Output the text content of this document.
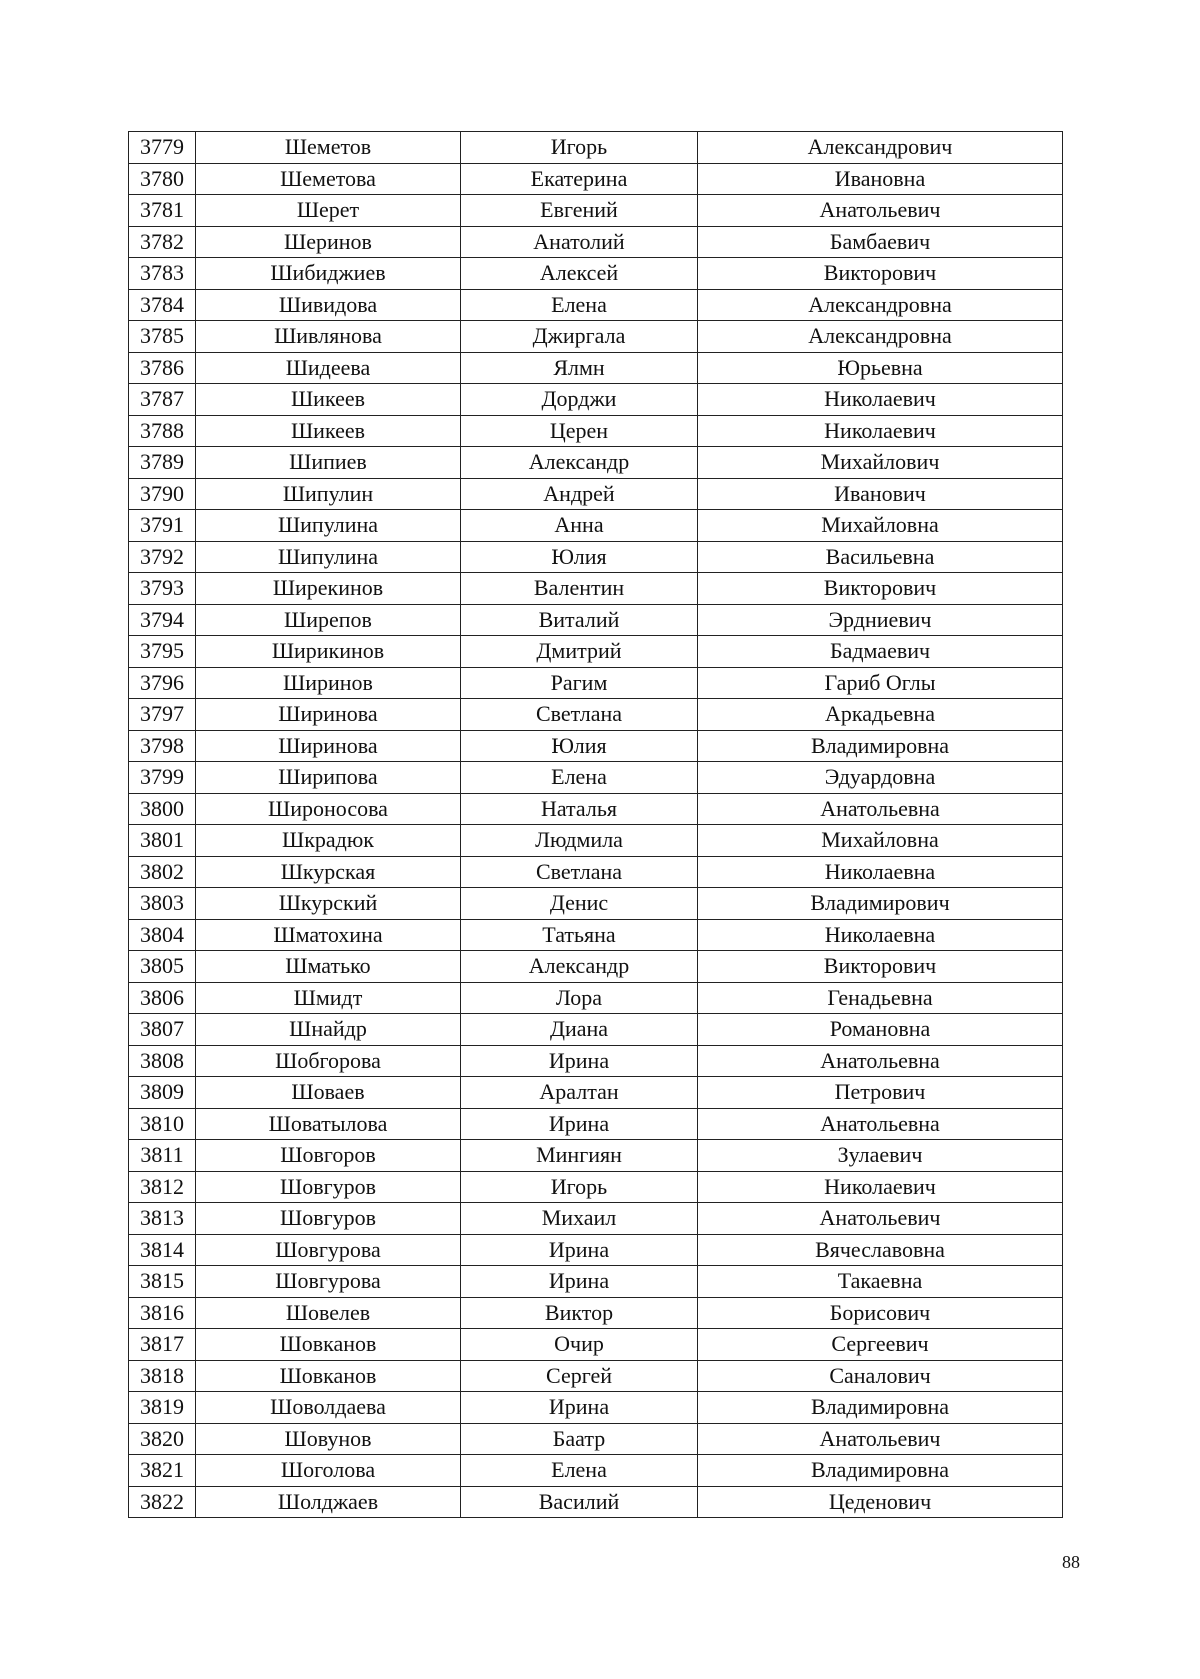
3779	Шеметов	Игорь	Александрович
3780	Шеметова	Екатерина	Ивановна
3781	Шерет	Евгений	Анатольевич
3782	Шеринов	Анатолий	Бамбаевич
3783	Шибиджиев	Алексей	Викторович
3784	Шивидова	Елена	Александровна
3785	Шивлянова	Джиргала	Александровна
3786	Шидеева	Ялмн	Юрьевна
3787	Шикеев	Дорджи	Николаевич
3788	Шикеев	Церен	Николаевич
3789	Шипиев	Александр	Михайлович
3790	Шипулин	Андрей	Иванович
3791	Шипулина	Анна	Михайловна
3792	Шипулина	Юлия	Васильевна
3793	Ширекинов	Валентин	Викторович
3794	Ширепов	Виталий	Эрдниевич
3795	Ширикинов	Дмитрий	Бадмаевич
3796	Ширинов	Рагим	Гариб Оглы
3797	Ширинова	Светлана	Аркадьевна
3798	Ширинова	Юлия	Владимировна
3799	Ширипова	Елена	Эдуардовна
3800	Широносова	Наталья	Анатольевна
3801	Шкрадюк	Людмила	Михайловна
3802	Шкурская	Светлана	Николаевна
3803	Шкурский	Денис	Владимирович
3804	Шматохина	Татьяна	Николаевна
3805	Шматько	Александр	Викторович
3806	Шмидт	Лора	Генадьевна
3807	Шнайдр	Диана	Романовна
3808	Шобгорова	Ирина	Анатольевна
3809	Шоваев	Аралтан	Петрович
3810	Шоватылова	Ирина	Анатольевна
3811	Шовгоров	Мингиян	Зулаевич
3812	Шовгуров	Игорь	Николаевич
3813	Шовгуров	Михаил	Анатольевич
3814	Шовгурова	Ирина	Вячеславовна
3815	Шовгурова	Ирина	Такаевна
3816	Шовелев	Виктор	Борисович
3817	Шовканов	Очир	Сергеевич
3818	Шовканов	Сергей	Саналович
3819	Шоволдаева	Ирина	Владимировна
3820	Шовунов	Баатр	Анатольевич
3821	Шоголова	Елена	Владимировна
3822	Шолджаев	Василий	Цеденович
88
